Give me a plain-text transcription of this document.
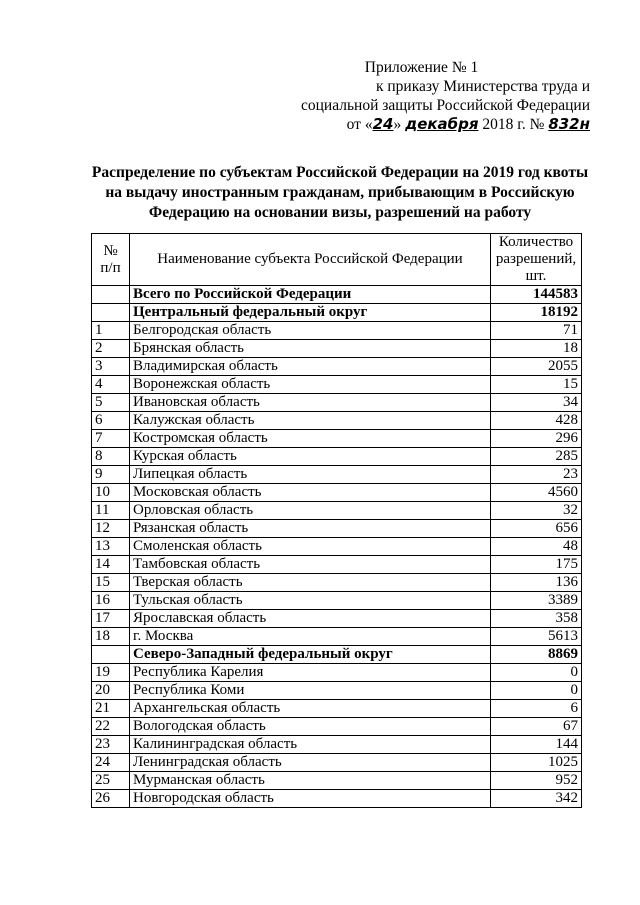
Приложение № 1
к приказу Министерства труда и
социальной защиты Российской Федерации
от «24» декабря 2018 г. № 832н
Распределение по субъектам Российской Федерации на 2019 год квоты
на выдачу иностранным гражданам, прибывающим в Российскую
Федерацию на основании визы, разрешений на работу
№
п/п	Наименование субъекта Российской Федерации	Количество разрешений, шт.
	Всего по Российской Федерации	144583
	Центральный федеральный округ	18192
1	Белгородская область	71
2	Брянская область	18
3	Владимирская область	2055
4	Воронежская область	15
5	Ивановская область	34
6	Калужская область	428
7	Костромская область	296
8	Курская область	285
9	Липецкая область	23
10	Московская область	4560
11	Орловская область	32
12	Рязанская область	656
13	Смоленская область	48
14	Тамбовская область	175
15	Тверская область	136
16	Тульская область	3389
17	Ярославская область	358
18	г. Москва	5613
	Северо-Западный федеральный округ	8869
19	Республика Карелия	0
20	Республика Коми	0
21	Архангельская область	6
22	Вологодская область	67
23	Калининградская область	144
24	Ленинградская область	1025
25	Мурманская область	952
26	Новгородская область	342
